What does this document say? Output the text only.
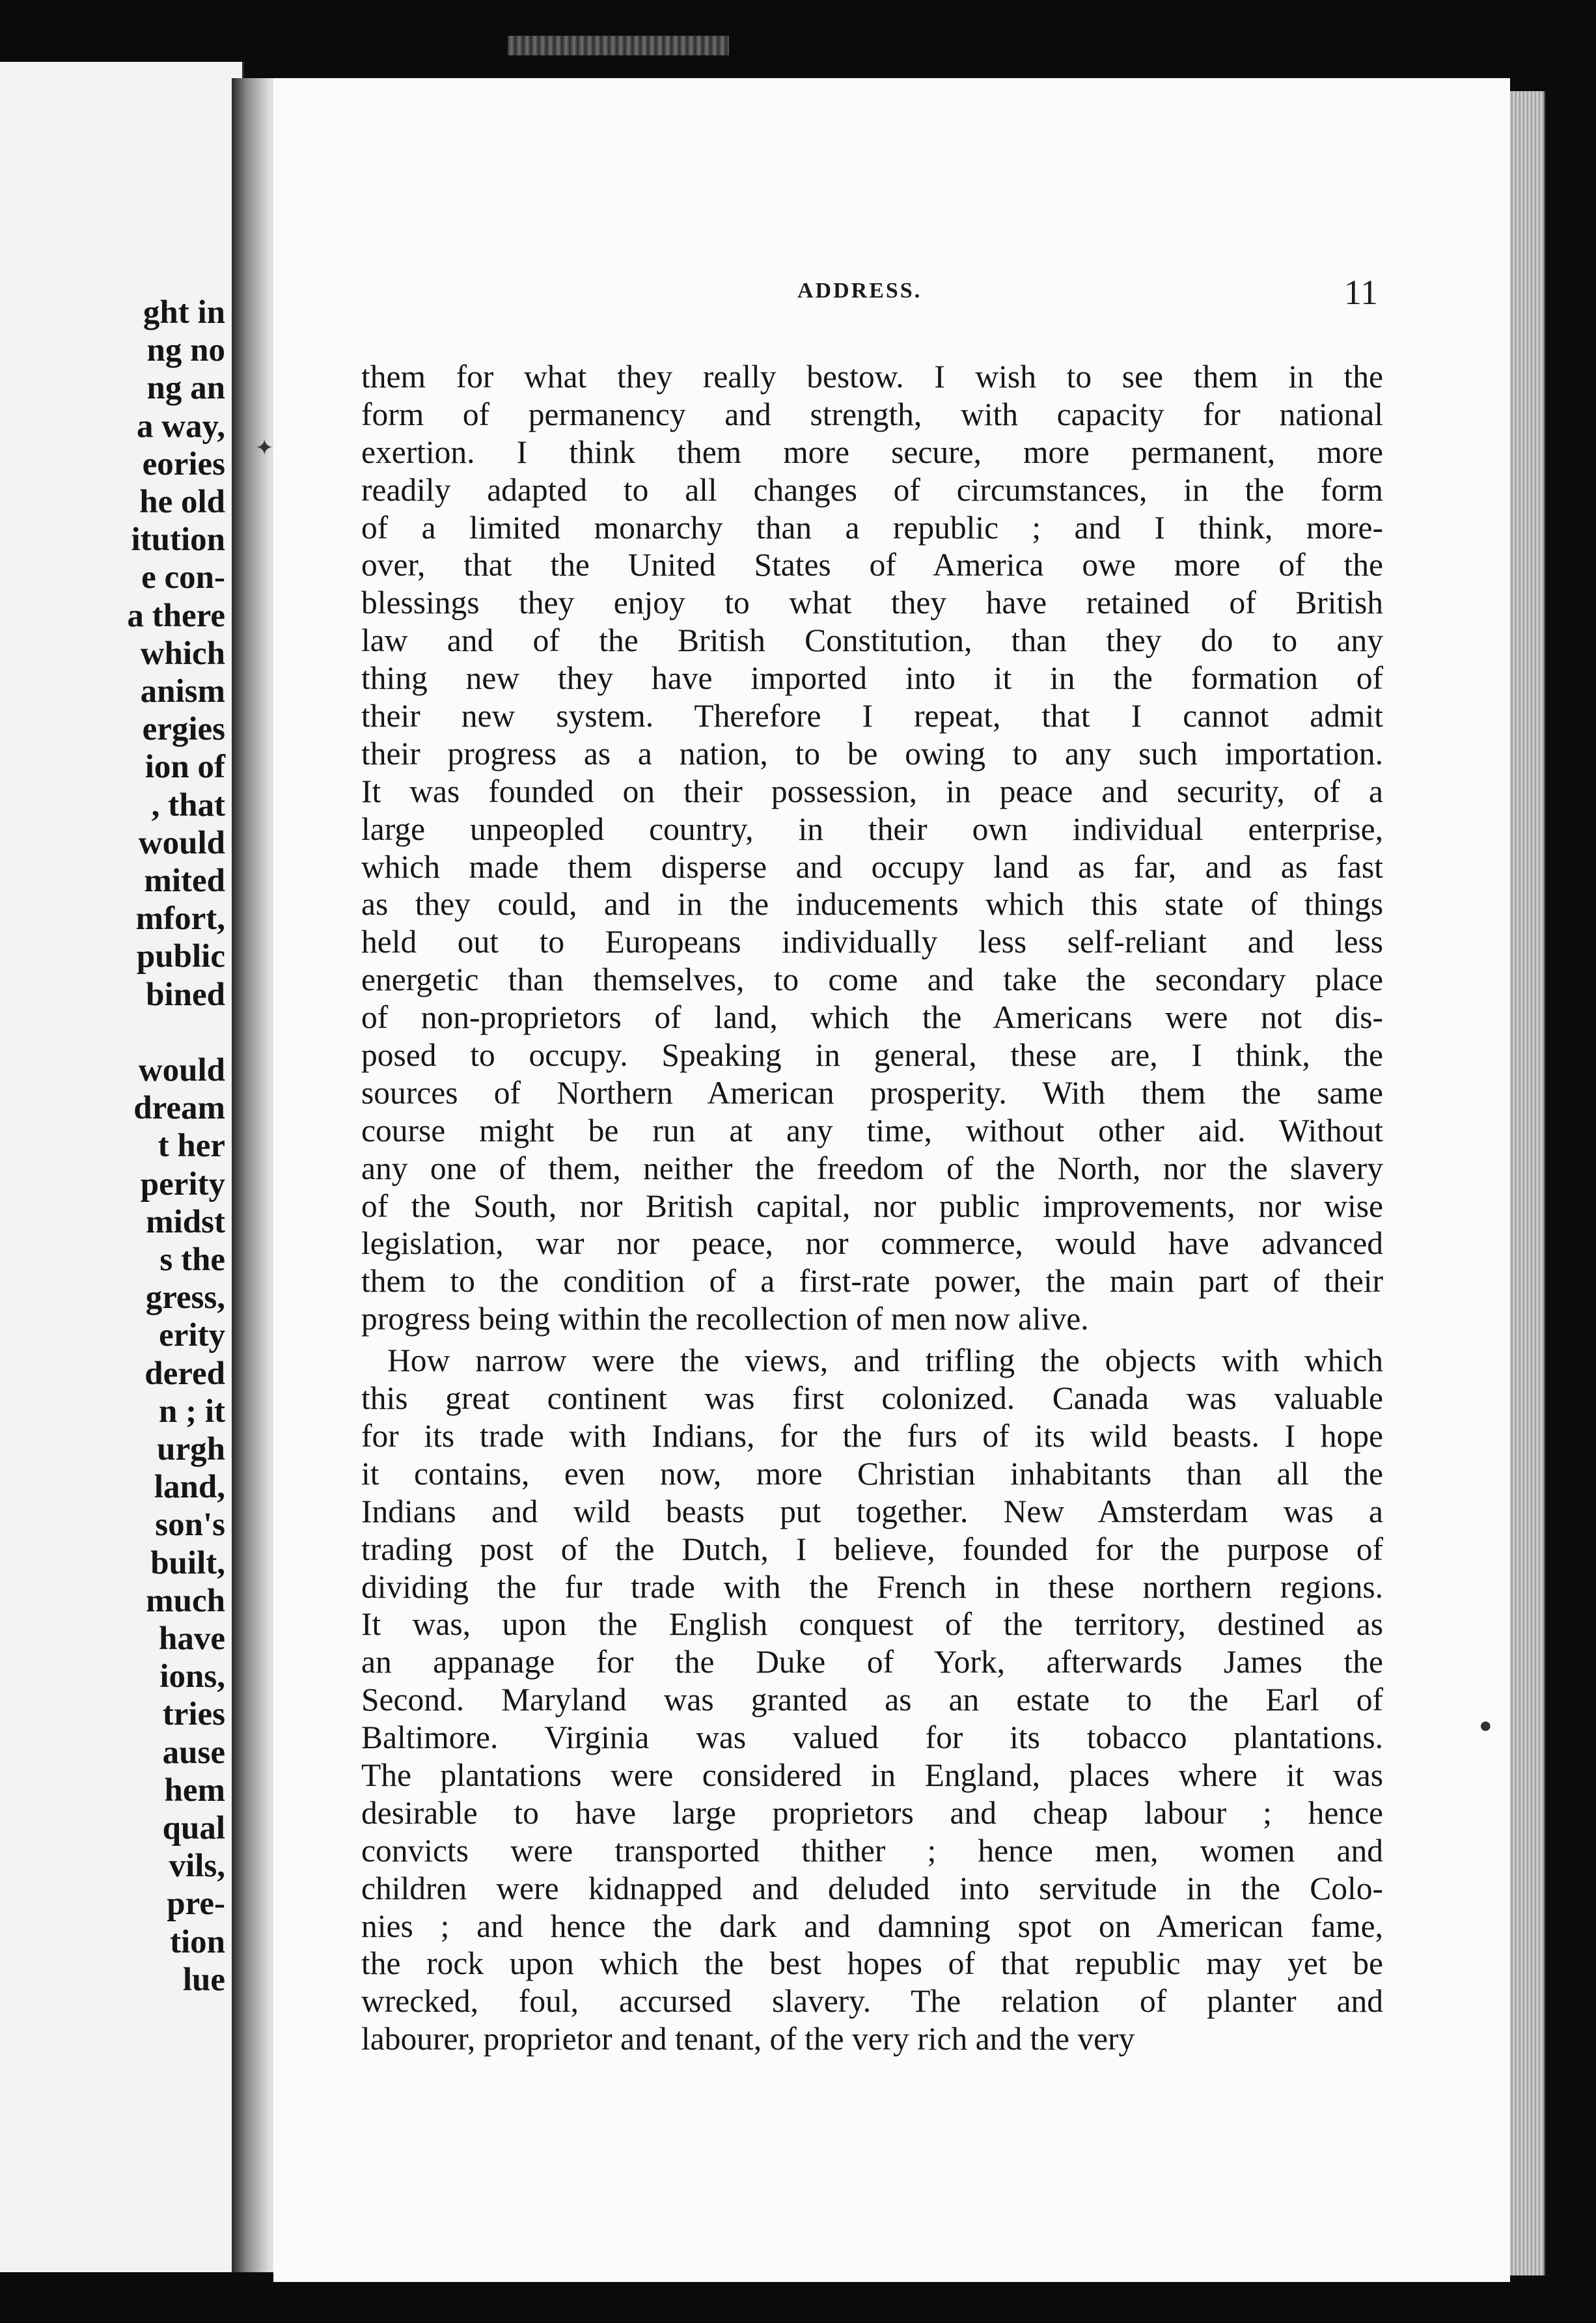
ght in
ng no
ng an
a way,
eories
he old
itution
e con-
a there
which
anism
ergies
ion of
, that
would
mited
mfort,
public
bined
would
dream
t her
perity
midst
s the
gress,
erity
dered
n ; it
urgh
land,
son's
built,
much
have
ions,
tries
ause
hem
qual
vils,
pre-
tion
lue
ADDRESS.	11
them for what they really bestow. I wish to see them in the
form of permanency and strength, with capacity for national
exertion. I think them more secure, more permanent, more
readily adapted to all changes of circumstances, in the form
of a limited monarchy than a republic ; and I think, more-
over, that the United States of America owe more of the
blessings they enjoy to what they have retained of British
law and of the British Constitution, than they do to any
thing new they have imported into it in the formation of
their new system. Therefore I repeat, that I cannot admit
their progress as a nation, to be owing to any such importation.
It was founded on their possession, in peace and security, of a
large unpeopled country, in their own individual enterprise,
which made them disperse and occupy land as far, and as fast
as they could, and in the inducements which this state of things
held out to Europeans individually less self-reliant and less
energetic than themselves, to come and take the secondary place
of non-proprietors of land, which the Americans were not dis-
posed to occupy. Speaking in general, these are, I think, the
sources of Northern American prosperity. With them the same
course might be run at any time, without other aid. Without
any one of them, neither the freedom of the North, nor the slavery
of the South, nor British capital, nor public improvements, nor wise
legislation, war nor peace, nor commerce, would have advanced
them to the condition of a first-rate power, the main part of their
progress being within the recollection of men now alive.
How narrow were the views, and trifling the objects with which
this great continent was first colonized. Canada was valuable
for its trade with Indians, for the furs of its wild beasts. I hope
it contains, even now, more Christian inhabitants than all the
Indians and wild beasts put together. New Amsterdam was a
trading post of the Dutch, I believe, founded for the purpose of
dividing the fur trade with the French in these northern regions.
It was, upon the English conquest of the territory, destined as
an appanage for the Duke of York, afterwards James the
Second. Maryland was granted as an estate to the Earl of
Baltimore. Virginia was valued for its tobacco plantations.
The plantations were considered in England, places where it was
desirable to have large proprietors and cheap labour ; hence
convicts were transported thither ; hence men, women and
children were kidnapped and deluded into servitude in the Colo-
nies ; and hence the dark and damning spot on American fame,
the rock upon which the best hopes of that republic may yet be
wrecked, foul, accursed slavery. The relation of planter and
labourer, proprietor and tenant, of the very rich and the very
✦
●
